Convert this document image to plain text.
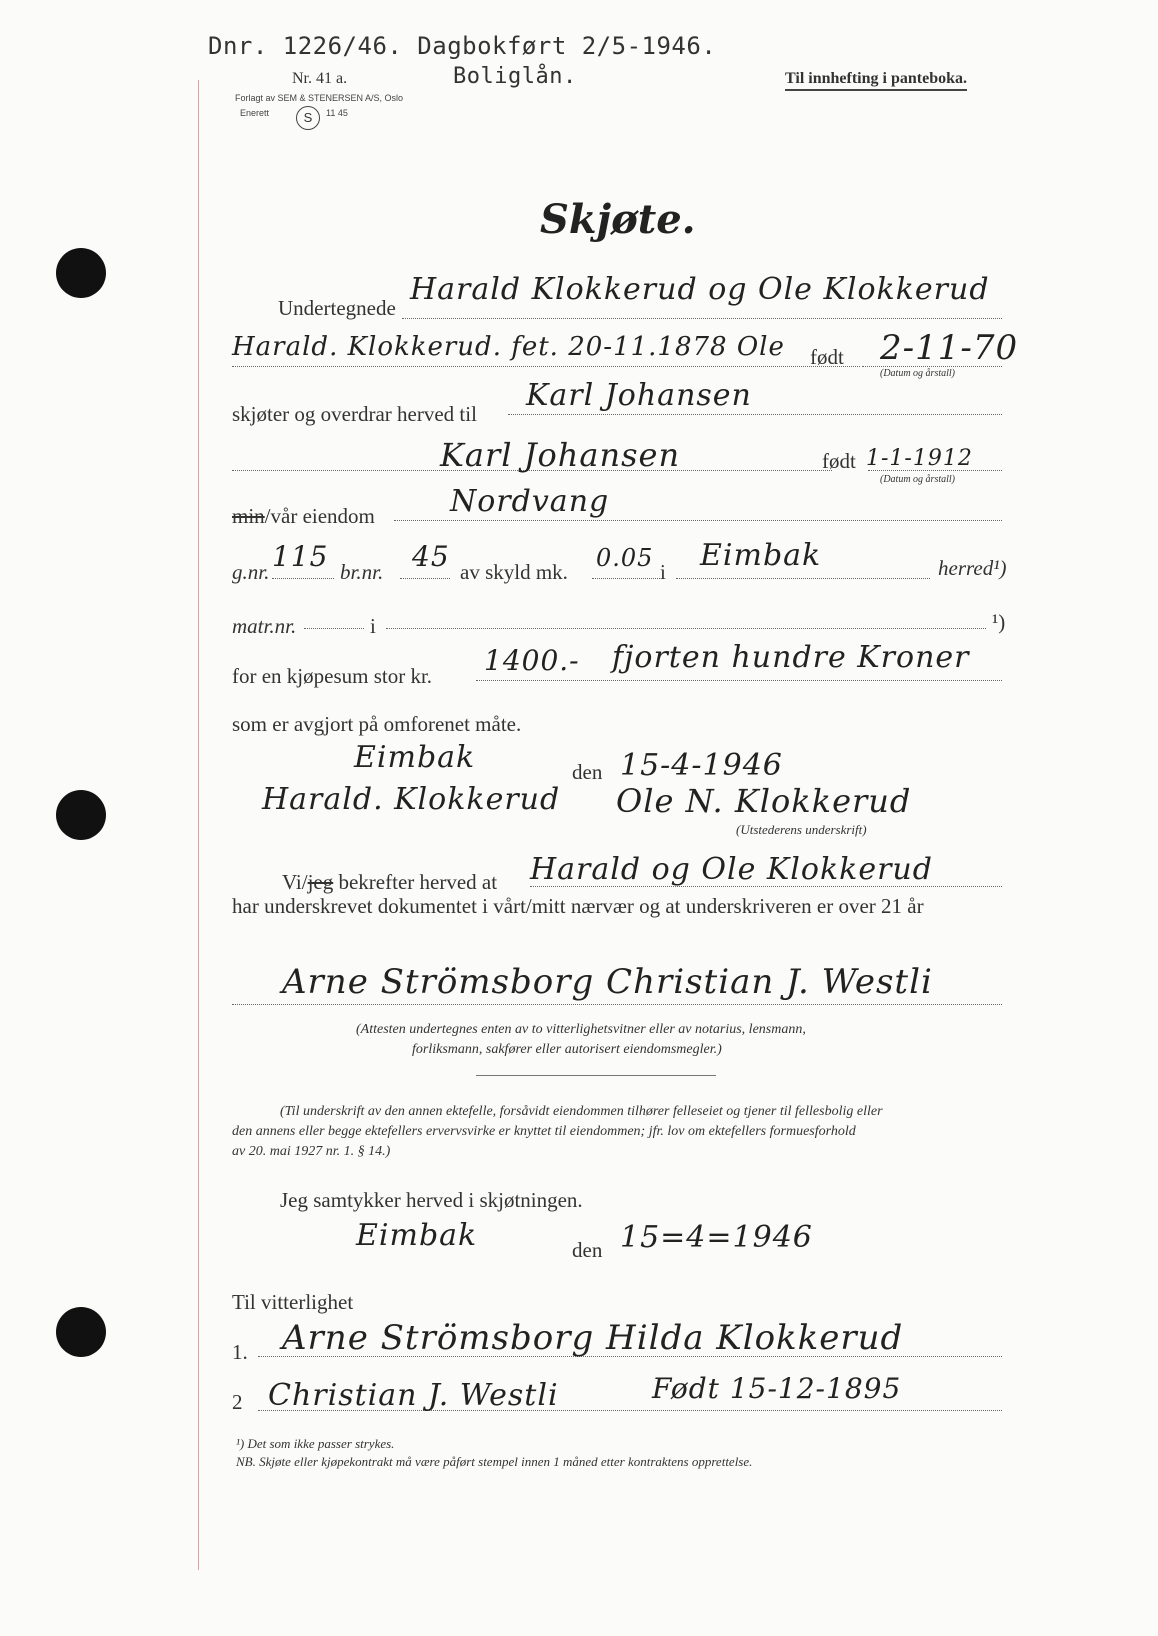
Dnr. 1226/46. Dagbokført 2/5-1946.
Nr. 41 a.	Boliglån.	Til innhefting i panteboka.
Forlagt av SEM & STENERSEN A/S, Oslo
Enerett	S	11 45
Skjøte.
Undertegnede
Harald Klokkerud og Ole Klokkerud
Harald. Klokkerud. fet. 20-11.1878 Ole født 2-11-70
(Datum og årstall)
skjøter og overdrar herved til
Karl Johansen
Karl Johansen	født 1-1-1912
(Datum og årstall)
min/vår eiendom	Nordvang
g.nr. 115 br.nr. 45 av skyld mk. 0.05 i Eimbak	herred¹)
matr.nr.	i	¹)
for en kjøpesum stor kr. 1400.- fjorten hundre Kroner
som er avgjort på omforenet måte.
Eimbak	den 15-4-1946
Harald. Klokkerud Ole N. Klokkerud
(Utstederens underskrift)
Vi/jeg bekrefter herved at Harald og Ole Klokkerud
har underskrevet dokumentet i vårt/mitt nærvær og at underskriveren er over 21 år
Arne Strömsborg Christian J. Westli
(Attesten undertegnes enten av to vitterlighetsvitner eller av notarius, lensmann,
forliksmann, sakfører eller autorisert eiendomsmegler.)
(Til underskrift av den annen ektefelle, forsåvidt eiendommen tilhører felleseiet og tjener til fellesbolig eller
den annens eller begge ektefellers ervervsvirke er knyttet til eiendommen; jfr. lov om ektefellers formuesforhold
av 20. mai 1927 nr. 1. § 14.)
Jeg samtykker herved i skjøtningen.
Eimbak	den 15=4=1946
Til vitterlighet
1. Arne Strömsborg Hilda Klokkerud
2 Christian J. Westli	Født 15-12-1895
¹) Det som ikke passer strykes.
NB. Skjøte eller kjøpekontrakt må være påført stempel innen 1 måned etter kontraktens opprettelse.
